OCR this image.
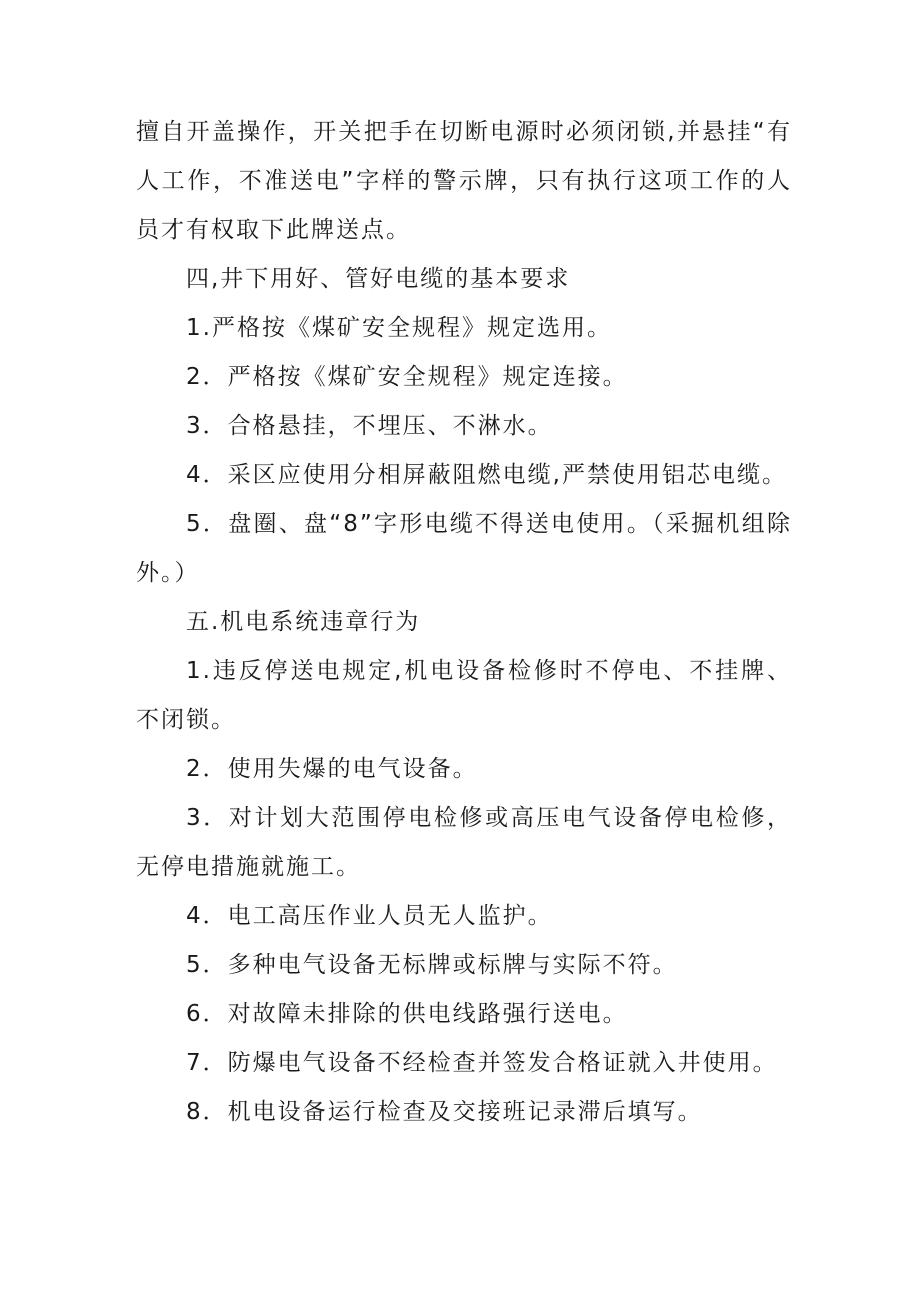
擅自开盖操作，开关把手在切断电源时必须闭锁,并悬挂“有人工作，不准送电”字样的警示牌，只有执行这项工作的人员才有权取下此牌送点。

四,井下用好、管好电缆的基本要求

1.严格按《煤矿安全规程》规定选用。

2．严格按《煤矿安全规程》规定连接。

3．合格悬挂，不埋压、不淋水。

4．采区应使用分相屏蔽阻燃电缆,严禁使用铝芯电缆。

5．盘圈、盘“8”字形电缆不得送电使用。（采掘机组除外。）

五.机电系统违章行为

1.违反停送电规定,机电设备检修时不停电、不挂牌、不闭锁。

2．使用失爆的电气设备。

3．对计划大范围停电检修或高压电气设备停电检修，无停电措施就施工。

4．电工高压作业人员无人监护。

5．多种电气设备无标牌或标牌与实际不符。

6．对故障未排除的供电线路强行送电。

7．防爆电气设备不经检查并签发合格证就入井使用。

8．机电设备运行检查及交接班记录滞后填写。
